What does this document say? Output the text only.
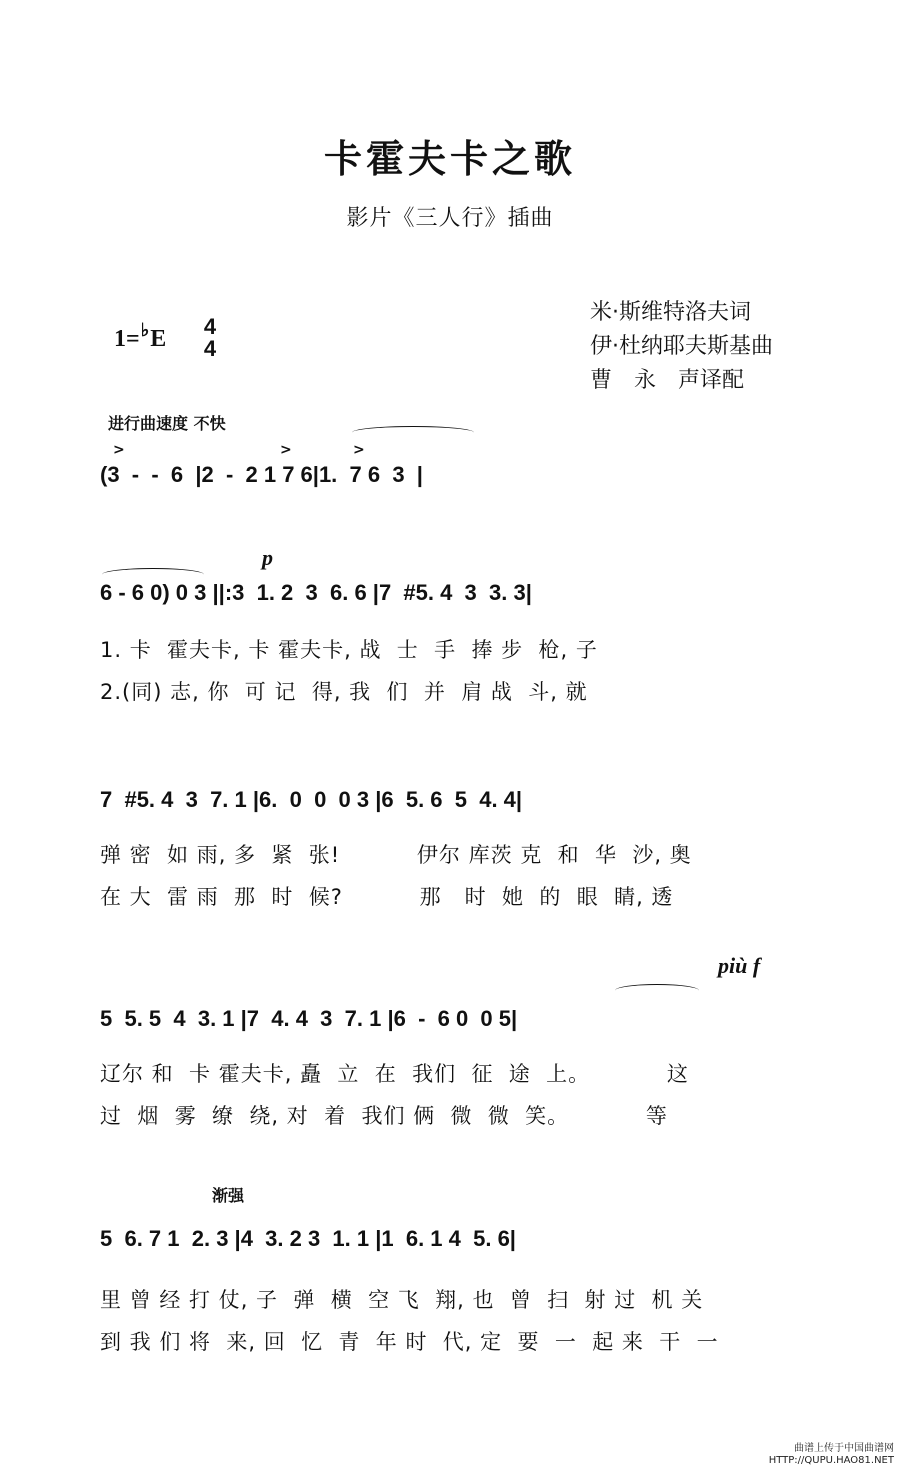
卡霍夫卡之歌
影片《三人行》插曲
1=♭E 4
4
米·斯维特洛夫词
伊·杜纳耶夫斯基曲
曹　永　声译配
进行曲速度 不快
>	>	>
(3  -  -  6  |2  -  2 1 7 6|1.  7 6  3  |
p
6 - 6 0) 0 3 ||:3  1. 2  3  6. 6 |7  #5. 4  3  3. 3|
1. 卡  霍夫卡, 卡 霍夫卡, 战  士  手  捧 步  枪, 子
2.(同) 志, 你  可 记  得, 我  们  并  肩 战  斗, 就
7  #5. 4  3  7. 1 |6.  0  0  0 3 |6  5. 6  5  4. 4|
弹 密  如 雨, 多  紧  张!          伊尔 库茨 克  和  华  沙, 奥
在 大  雷 雨  那  时  候?          那   时  她  的  眼  睛, 透
più f
5  5. 5  4  3. 1 |7  4. 4  3  7. 1 |6  -  6 0  0 5|
辽尔 和  卡 霍夫卡, 矗  立  在  我们  征  途  上。          这
过  烟  雾  缭  绕, 对  着  我们 俩  微  微  笑。          等
渐强
5  6. 7 1  2. 3 |4  3. 2 3  1. 1 |1  6. 1 4  5. 6|
里 曾 经 打 仗, 子  弹  横  空 飞  翔, 也  曾  扫  射 过  机 关
到 我 们 将  来, 回  忆  青  年 时  代, 定  要  一  起 来  干  一
曲谱上传于中国曲谱网 HTTP://QUPU.HAO81.NET
